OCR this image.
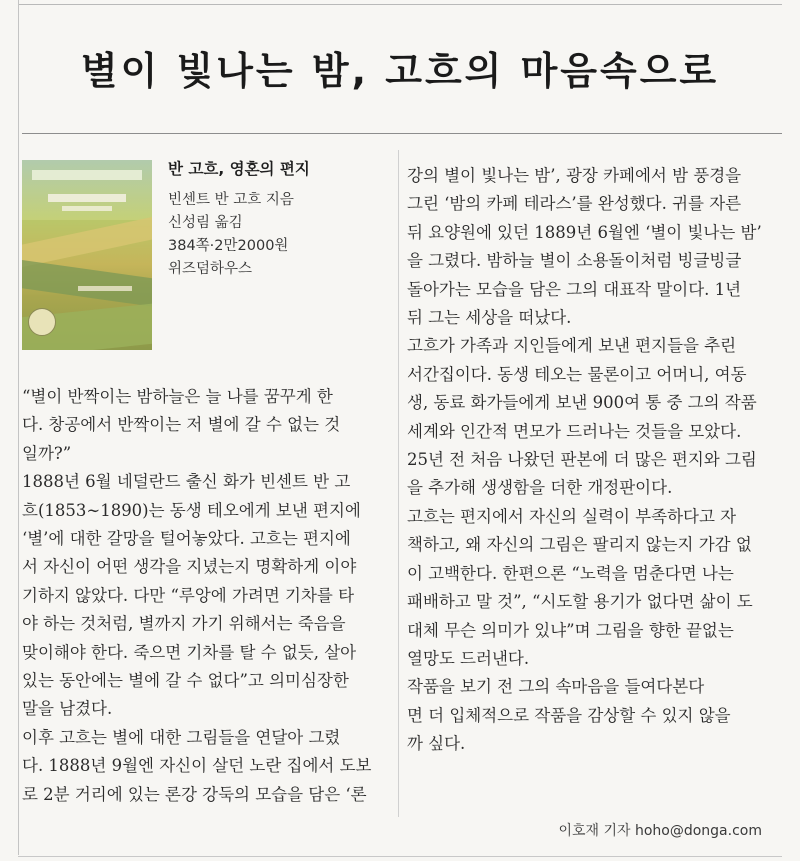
별이 빛나는 밤, 고흐의 마음속으로
반 고흐, 영혼의 편지
빈센트 반 고흐 지음
신성림 옮김
384쪽·2만2000원
위즈덤하우스
“별이 반짝이는 밤하늘은 늘 나를 꿈꾸게 한
다. 창공에서 반짝이는 저 별에 갈 수 없는 것
일까?”
1888년 6월 네덜란드 출신 화가 빈센트 반 고
흐(1853∼1890)는 동생 테오에게 보낸 편지에
‘별’에 대한 갈망을 털어놓았다. 고흐는 편지에
서 자신이 어떤 생각을 지녔는지 명확하게 이야
기하지 않았다. 다만 “루앙에 가려면 기차를 타
야 하는 것처럼, 별까지 가기 위해서는 죽음을
맞이해야 한다. 죽으면 기차를 탈 수 없듯, 살아
있는 동안에는 별에 갈 수 없다”고 의미심장한
말을 남겼다.
이후 고흐는 별에 대한 그림들을 연달아 그렸
다. 1888년 9월엔 자신이 살던 노란 집에서 도보
로 2분 거리에 있는 론강 강둑의 모습을 담은 ‘론
강의 별이 빛나는 밤’, 광장 카페에서 밤 풍경을
그린 ‘밤의 카페 테라스’를 완성했다. 귀를 자른
뒤 요양원에 있던 1889년 6월엔 ‘별이 빛나는 밤’
을 그렸다. 밤하늘 별이 소용돌이처럼 빙글빙글
돌아가는 모습을 담은 그의 대표작 말이다. 1년
뒤 그는 세상을 떠났다.
고흐가 가족과 지인들에게 보낸 편지들을 추린
서간집이다. 동생 테오는 물론이고 어머니, 여동
생, 동료 화가들에게 보낸 900여 통 중 그의 작품
세계와 인간적 면모가 드러나는 것들을 모았다.
25년 전 처음 나왔던 판본에 더 많은 편지와 그림
을 추가해 생생함을 더한 개정판이다.
고흐는 편지에서 자신의 실력이 부족하다고 자
책하고, 왜 자신의 그림은 팔리지 않는지 가감 없
이 고백한다. 한편으론 “노력을 멈춘다면 나는
패배하고 말 것”, “시도할 용기가 없다면 삶이 도
대체 무슨 의미가 있냐”며 그림을 향한 끝없는
열망도 드러낸다.
작품을 보기 전 그의 속마음을 들여다본다
면 더 입체적으로 작품을 감상할 수 있지 않을
까 싶다.
이호재 기자 hoho@donga.com
